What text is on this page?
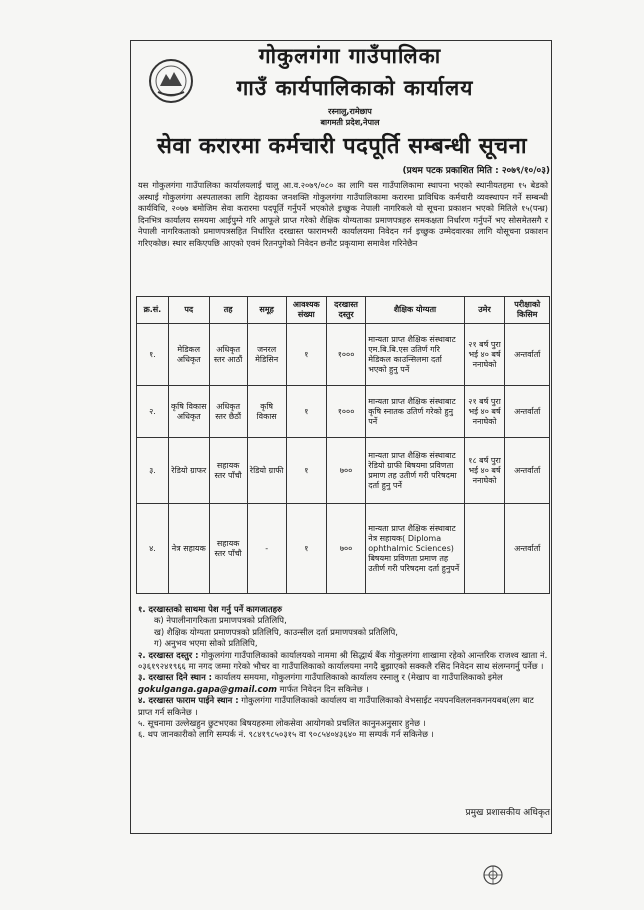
गोकुलगंगा गाउँपालिका
गाउँ कार्यपालिकाको कार्यालय
रस्नालु,रामेछाप
बागमती प्रदेश,नेपाल
सेवा करारमा कर्मचारी पदपूर्ति सम्बन्धी सूचना
(प्रथम पटक प्रकाशित मिति : २०७९/१०/०३)
यस गोकुलगंगा गाउँपालिका कार्यालयलाई चालु आ.व.२०७९/०८० का लागि यस गाउँपालिकामा स्थापना भएको स्थानीयतहमा १५ बेडको अस्थाई गोकुलगंगा अस्पतालका लागि देहायका जनशक्ति गोकुलगंगा गाउँपालिकामा करारमा प्राविधिक कर्मचारी व्यवस्थापन गर्ने सम्बन्धी कार्यविधि, २०७७ बमोजिम सेवा करारमा पदपूर्ति गर्नुपर्ने भएकोले इच्छुक नेपाली नागरिकले यो सूचना प्रकाशन भएको मितिले १५(पन्ध्र) दिनभित्र कार्यालय समयमा आईपुग्ने गरि आफूले प्राप्त गरेको शैक्षिक योग्यताका प्रमाणपत्रहरु समकक्षता निर्धारण गर्नुपर्ने भए सोसमेतसगै र नेपाली नागरिकताको प्रमाणपत्रसहित निर्धारित दरखास्त फारामभरी कार्यालयमा निवेदन गर्न इच्छुक उम्मेदवारका लागि योसूचना प्रकाशन गरिएकोछ। स्थार सकिएपछि आएको एवमं रितनपुगेको निवेदन छनौट प्रकृयामा समावेश गरिनेछैन
क्र.सं.	पद	तह	समूह	आवश्यक संख्या	दरखास्त दस्तुर	शैक्षिक योग्यता	उमेर	परीक्षाको किसिम
१.	मेडिकल अधिकृत	अधिकृत स्तर आठौं	जनरल मेडिसिन	१	१०००	मान्यता प्राप्त शैक्षिक संस्थाबाट एम.बि.बि.एस उतिर्ण गरि मेडिकल काउन्सिलमा दर्ता भएको हुनु पर्ने	२१ बर्ष पुरा भई ४० बर्ष ननाघेको	अन्तर्वार्ता
२.	कृषि विकास अधिकृत	अधिकृत स्तर छैठौं	कृषि विकास	१	१०००	मान्यता प्राप्त शैक्षिक संस्थाबाट कृषि स्नातक उतिर्ण गरेको हुनु पर्ने	२१ बर्ष पुरा भई ४० बर्ष ननाघेको	अन्तर्वार्ता
३.	रेडियो ग्राफर	सहायक स्तर पाँचौ	रेडियो ग्राफी	१	७००	मान्यता प्राप्त शैक्षिक संस्थाबाट रेडियो ग्राफी बिषयमा प्रविणता प्रमाण तह उतीर्ण गरी परिषदमा दर्ता हुनु पर्ने	१८ बर्ष पुरा भई ४० बर्ष ननाघेको	अन्तर्वार्ता
४.	नेत्र सहायक	सहायक स्तर पाँचौ	-	१	७००	मान्यता प्राप्त शैक्षिक संस्थाबाट नेत्र सहायक( Diploma ophthalmic Sciences) बिषयमा प्रविणता प्रमाण तह उतीर्ण गरी परिषदमा दर्ता हुनुपर्ने		अन्तर्वार्ता

१. दरखास्तको साथमा पेश गर्नु पर्ने कागजातहरु

क) नेपालीनागरिकता प्रमाणपत्रको प्रतिलिपि,

ख) शैक्षिक योग्यता प्रमाणपत्रको प्रतिलिपि, काउन्सील दर्ता प्रमाणपत्रको प्रतिलिपि,

ग) अनुभव भएमा सोको प्रतिलिपि,

२. दरखास्त दस्तुर : गोकुलगंगा गाउँपालिकाको कार्यालयको नाममा श्री सिद्धार्थ बैंक गोकुलगंगा शाखामा रहेको आन्तरिक राजश्व खाता नं. ०३६१९२४१९६६ मा नगद जम्मा गरेको भौचर वा गाउँपालिकाको कार्यालयमा नगदै बुझाएको सक्कलै रसिद निवेदन साथ संलग्नगर्नु पर्नेछ ।

३. दरखास्त दिने स्थान : कार्यालय समयमा, गोकुलगंगा गाउँपालिकाको कार्यालय रस्नालु र (मेखाप वा गाउँपालिकाको इमेल gokulganga.gapa@gmail.com मार्फत निवेदन दिन सकिनेछ ।

४. दरखास्त फाराम पाईने स्थान : गोकुलगंगा गाउँपालिकाको कार्यालय वा गाउँपालिकाको वेभसाईट नयपनविललनकगनयबब(लग बाट प्राप्त गर्न सकिनेछ ।

५. सूचनामा उल्लेखहुन छुटभएका बिषयहरुमा लोकसेवा आयोगको प्रचलित कानुनअनुसार हुनेछ ।

६. थप जानकारीको लागि सम्पर्क नं. ९८४१९८५०३१५ वा ९०८५४०४३६४० मा सम्पर्क गर्न सकिनेछ ।

प्रमुख प्रशासकीय अधिकृत
